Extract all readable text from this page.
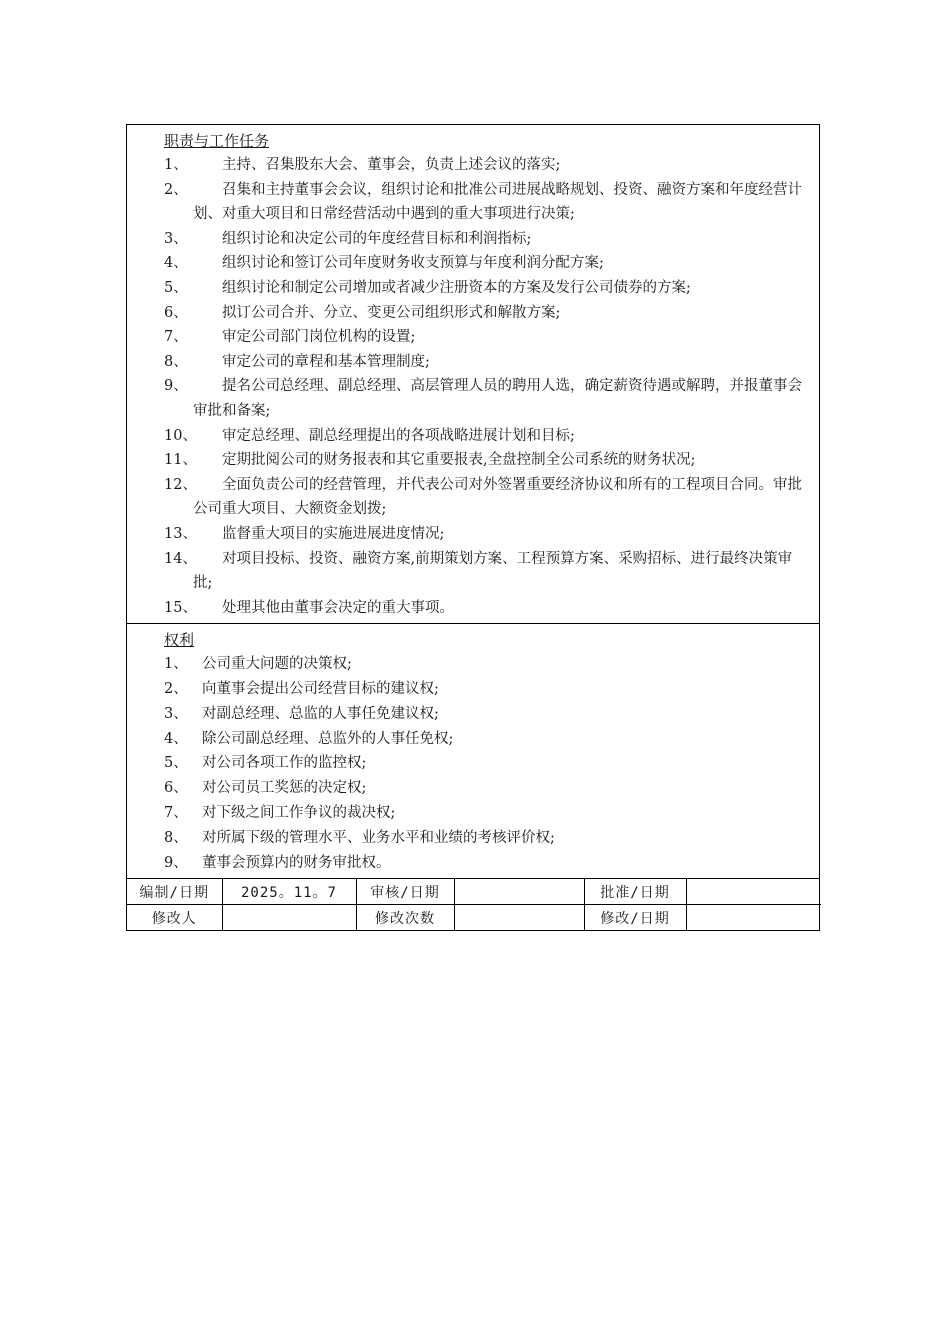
职责与工作任务

1、	主持、召集股东大会、董事会，负责上述会议的落实;
2、	召集和主持董事会会议，组织讨论和批准公司进展战略规划、投资、融资方案和年度经营计划、对重大项目和日常经营活动中遇到的重大事项进行决策;
3、	组织讨论和决定公司的年度经营目标和利润指标;
4、	组织讨论和签订公司年度财务收支预算与年度利润分配方案;
5、	组织讨论和制定公司增加或者减少注册资本的方案及发行公司债券的方案;
6、	拟订公司合并、分立、变更公司组织形式和解散方案;
7、	审定公司部门岗位机构的设置;
8、	审定公司的章程和基本管理制度;
9、	提名公司总经理、副总经理、高层管理人员的聘用人选，确定薪资待遇或解聘，并报董事会审批和备案;
10、	审定总经理、副总经理提出的各项战略进展计划和目标;
11、	定期批阅公司的财务报表和其它重要报表,全盘控制全公司系统的财务状况;
12、	全面负责公司的经营管理，并代表公司对外签署重要经济协议和所有的工程项目合同。审批公司重大项目、大额资金划拨;
13、	监督重大项目的实施进展进度情况;
14、	对项目投标、投资、融资方案,前期策划方案、工程预算方案、采购招标、进行最终决策审批;
15、	处理其他由董事会决定的重大事项。

权利

1、 公司重大问题的决策权;
2、 向董事会提出公司经营目标的建议权;
3、 对副总经理、总监的人事任免建议权;
4、 除公司副总经理、总监外的人事任免权;
5、 对公司各项工作的监控权;
6、 对公司员工奖惩的决定权;
7、 对下级之间工作争议的裁决权;
8、 对所属下级的管理水平、业务水平和业绩的考核评价权;
9、 董事会预算内的财务审批权。
编制/日期	2025。11。7	审核/日期		批准/日期	
修改人		修改次数		修改/日期	
